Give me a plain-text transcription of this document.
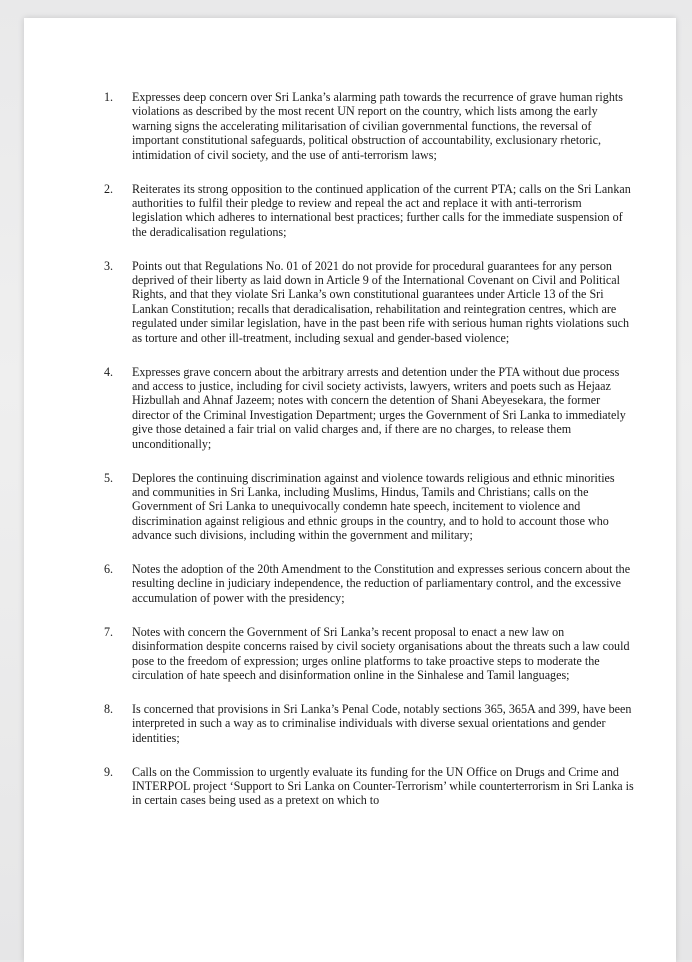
1. Expresses deep concern over Sri Lanka’s alarming path towards the recurrence of grave human rights violations as described by the most recent UN report on the country, which lists among the early warning signs the accelerating militarisation of civilian governmental functions, the reversal of important constitutional safeguards, political obstruction of accountability, exclusionary rhetoric, intimidation of civil society, and the use of anti-terrorism laws;
2. Reiterates its strong opposition to the continued application of the current PTA; calls on the Sri Lankan authorities to fulfil their pledge to review and repeal the act and replace it with anti-terrorism legislation which adheres to international best practices; further calls for the immediate suspension of the deradicalisation regulations;
3. Points out that Regulations No. 01 of 2021 do not provide for procedural guarantees for any person deprived of their liberty as laid down in Article 9 of the International Covenant on Civil and Political Rights, and that they violate Sri Lanka’s own constitutional guarantees under Article 13 of the Sri Lankan Constitution; recalls that deradicalisation, rehabilitation and reintegration centres, which are regulated under similar legislation, have in the past been rife with serious human rights violations such as torture and other ill-treatment, including sexual and gender-based violence;
4. Expresses grave concern about the arbitrary arrests and detention under the PTA without due process and access to justice, including for civil society activists, lawyers, writers and poets such as Hejaaz Hizbullah and Ahnaf Jazeem; notes with concern the detention of Shani Abeyesekara, the former director of the Criminal Investigation Department; urges the Government of Sri Lanka to immediately give those detained a fair trial on valid charges and, if there are no charges, to release them unconditionally;
5. Deplores the continuing discrimination against and violence towards religious and ethnic minorities and communities in Sri Lanka, including Muslims, Hindus, Tamils and Christians; calls on the Government of Sri Lanka to unequivocally condemn hate speech, incitement to violence and discrimination against religious and ethnic groups in the country, and to hold to account those who advance such divisions, including within the government and military;
6. Notes the adoption of the 20th Amendment to the Constitution and expresses serious concern about the resulting decline in judiciary independence, the reduction of parliamentary control, and the excessive accumulation of power with the presidency;
7. Notes with concern the Government of Sri Lanka’s recent proposal to enact a new law on disinformation despite concerns raised by civil society organisations about the threats such a law could pose to the freedom of expression; urges online platforms to take proactive steps to moderate the circulation of hate speech and disinformation online in the Sinhalese and Tamil languages;
8. Is concerned that provisions in Sri Lanka’s Penal Code, notably sections 365, 365A and 399, have been interpreted in such a way as to criminalise individuals with diverse sexual orientations and gender identities;
9. Calls on the Commission to urgently evaluate its funding for the UN Office on Drugs and Crime and INTERPOL project ‘Support to Sri Lanka on Counter-Terrorism’ while counterterrorism in Sri Lanka is in certain cases being used as a pretext on which to
